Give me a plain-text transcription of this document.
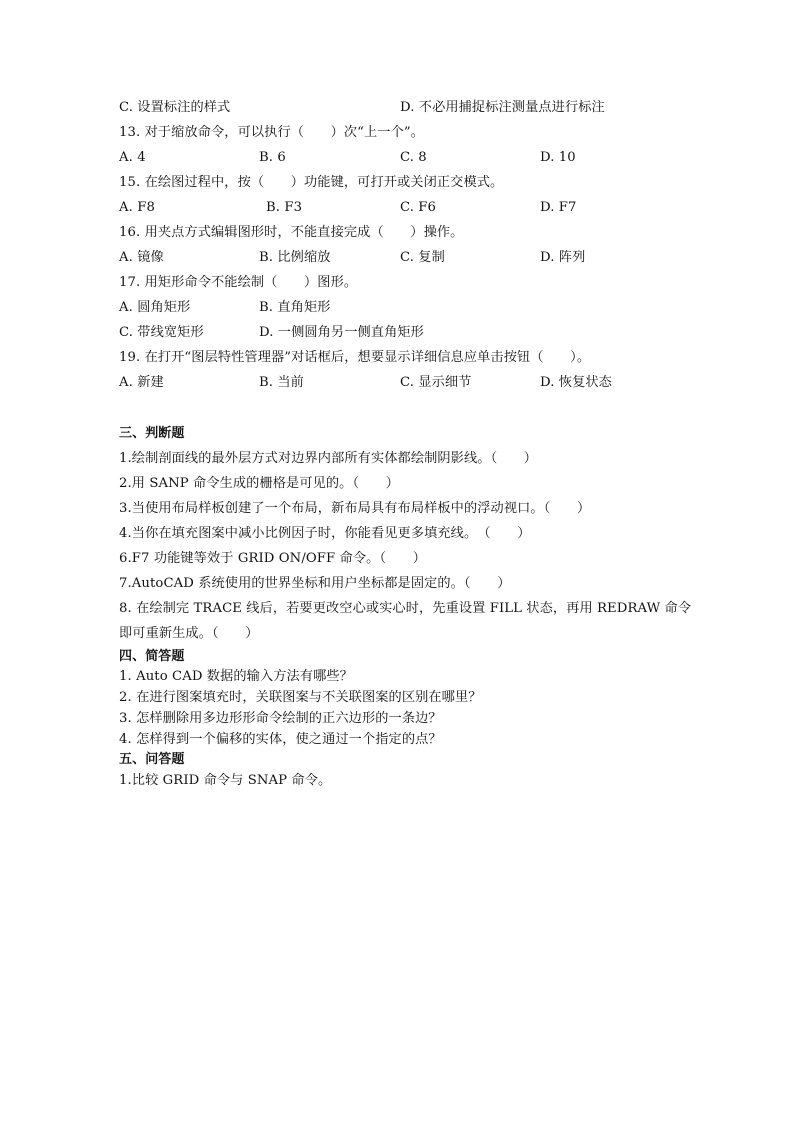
C. 设置标注的样式	D. 不必用捕捉标注测量点进行标注
13. 对于缩放命令，可以执行（　　）次“上一个”。
A. 4	B. 6	C. 8	D. 10
15. 在绘图过程中，按（　　）功能键，可打开或关闭正交模式。
A. F8	B. F3	C. F6	D. F7
16. 用夹点方式编辑图形时，不能直接完成（　　）操作。
A. 镜像	B. 比例缩放	C. 复制	D. 阵列
17. 用矩形命令不能绘制（　　）图形。
A. 圆角矩形	B. 直角矩形
C. 带线宽矩形	D. 一侧圆角另一侧直角矩形
19. 在打开“图层特性管理器”对话框后，想要显示详细信息应单击按钮（　　）。
A. 新建	B. 当前	C. 显示细节	D. 恢复状态
三、判断题
1.绘制剖面线的最外层方式对边界内部所有实体都绘制阴影线。（　　）
2.用 SANP 命令生成的栅格是可见的。（　　）
3.当使用布局样板创建了一个布局，新布局具有布局样板中的浮动视口。（　　）
4.当你在填充图案中减小比例因子时，你能看见更多填充线。　（　　）
6.F7 功能键等效于 GRID ON/OFF 命令。（　　）
7.AutoCAD 系统使用的世界坐标和用户坐标都是固定的。（　　）
8. 在绘制完 TRACE 线后，若要更改空心或实心时，先重设置 FILL 状态，再用 REDRAW 命令
即可重新生成。（　　）
四、简答题
1. Auto CAD 数据的输入方法有哪些？
2. 在进行图案填充时，关联图案与不关联图案的区别在哪里？
3. 怎样删除用多边形形命令绘制的正六边形的一条边？
4. 怎样得到一个偏移的实体，使之通过一个指定的点？
五、问答题
1.比较 GRID 命令与 SNAP 命令。
